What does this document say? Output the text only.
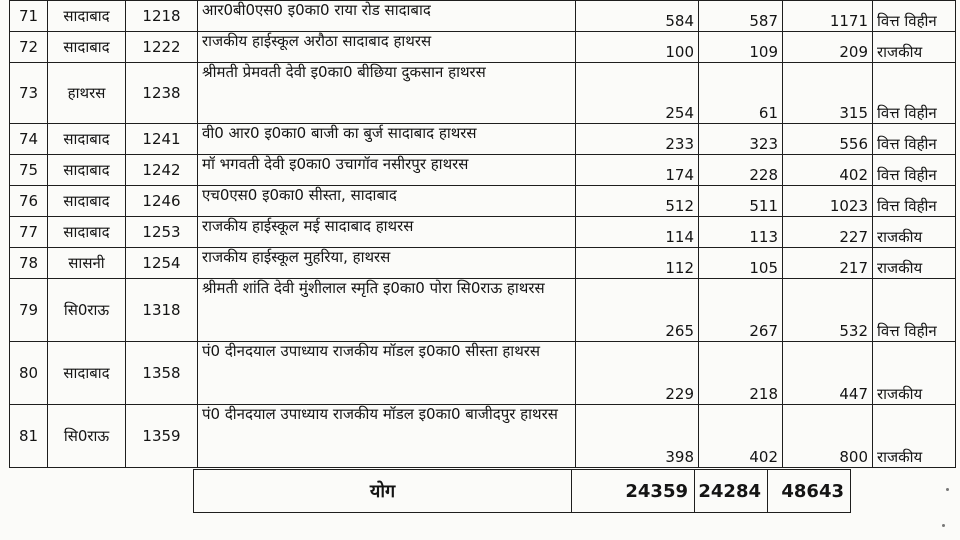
71	सादाबाद	1218	आर0बी0एस0 इ0का0 राया रोड सादाबाद	584	587	1171	वित्त विहीन
72	सादाबाद	1222	राजकीय हाईस्कूल अरौठा सादाबाद हाथरस	100	109	209	राजकीय
73	हाथरस	1238	श्रीमती प्रेमवती देवी इ0का0 बीछिया दुकसान हाथरस	254	61	315	वित्त विहीन
74	सादाबाद	1241	वी0 आर0 इ0का0 बाजी का बुर्ज सादाबाद हाथरस	233	323	556	वित्त विहीन
75	सादाबाद	1242	मॉ भगवती देवी इ0का0 उचागॉव नसीरपुर हाथरस	174	228	402	वित्त विहीन
76	सादाबाद	1246	एच0एस0 इ0का0 सीस्ता, सादाबाद	512	511	1023	वित्त विहीन
77	सादाबाद	1253	राजकीय हाईस्कूल मई सादाबाद हाथरस	114	113	227	राजकीय
78	सासनी	1254	राजकीय हाईस्कूल मुहरिया, हाथरस	112	105	217	राजकीय
79	सि0राऊ	1318	श्रीमती शांति देवी मुंशीलाल स्मृति इ0का0 पोरा सि0राऊ हाथरस	265	267	532	वित्त विहीन
80	सादाबाद	1358	पं0 दीनदयाल उपाध्याय राजकीय मॉडल इ0का0 सीस्ता हाथरस	229	218	447	राजकीय
81	सि0राऊ	1359	पं0 दीनदयाल उपाध्याय राजकीय मॉडल इ0का0 बाजीदपुर हाथरस	398	402	800	राजकीय
योग	24359	24284	48643
